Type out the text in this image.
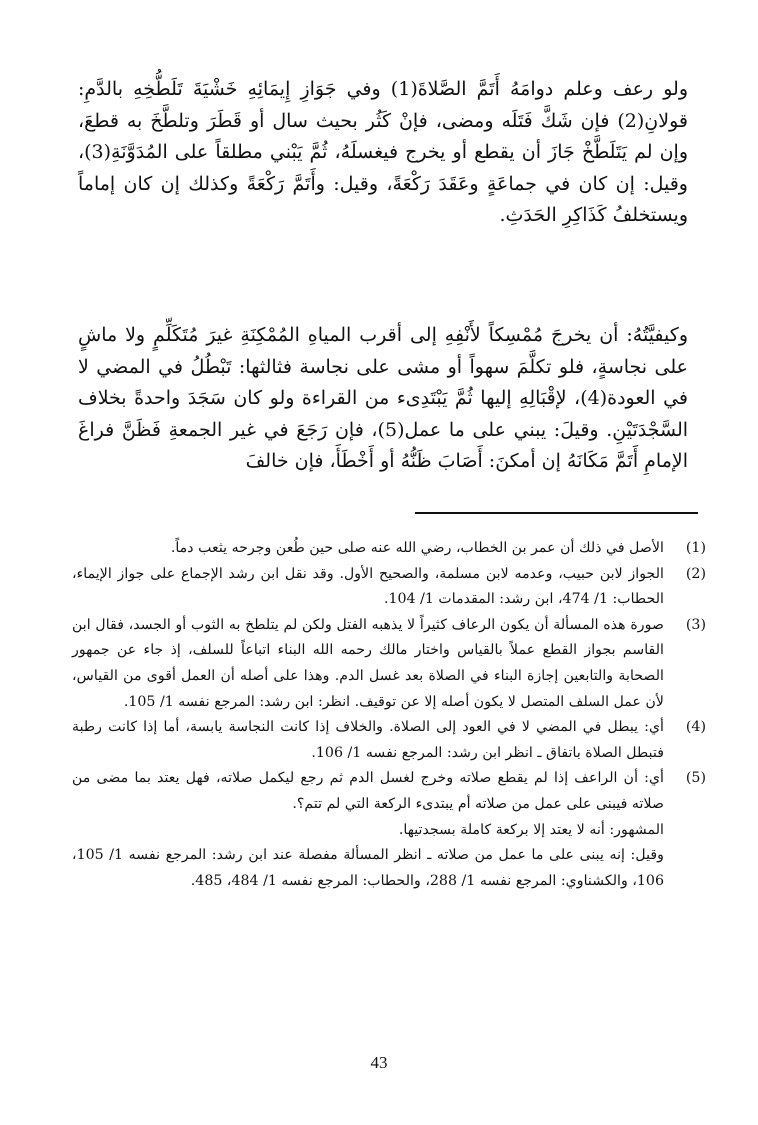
ولو رعف وعلم دوامَهُ أَتَمَّ الصَّلاةَ(1) وفي جَوَازِ إِيمَائِهِ خَشْيَةَ تَلَطُّخِهِ بالدَّمِ: قولانِ(2) فإن شَكَّ فَتَلَه ومضى، فإنْ كَثُر بحيث سال أو قَطَرَ وتلطَّخَ به قطعَ، وإن لم يَتَلَطَّخْ جَازَ أن يقطع أو يخرج فيغسلَهُ، ثُمَّ يَبْني مطلقاً على المُدَوَّنَةِ(3)، وقيل: إن كان في جماعَةٍ وعَقَدَ رَكْعَةً، وقيل: وأَتَمَّ رَكْعَةً وكذلك إن كان إماماً ويستخلفُ كَذَاكِرِ الحَدَثِ.

وكيفيَّتُهُ: أن يخرجَ مُمْسِكاً لأَنْفِهِ إلى أقرب المياهِ المُمْكِنَةِ غيرَ مُتَكَلِّمٍ ولا ماشٍ على نجاسةٍ، فلو تكلَّمَ سهواً أو مشى على نجاسة فثالثها: تَبْطُلُ في المضي لا في العودة(4)، لإقْبَالِهِ إليها ثُمَّ يَبْتَدِىء من القراءة ولو كان سَجَدَ واحدةً بخلاف السَّجْدَتَيْنِ. وقيلَ: يبني على ما عمل(5)، فإن رَجَعَ في غير الجمعةِ فَظَنَّ فراغَ الإمامِ أَتَمَّ مَكَانَهُ إن أمكنَ: أَصَابَ ظَنُّهُ أو أَخْطَأَ، فإن خالفَ

(1)

الأصل في ذلك أن عمر بن الخطاب، رضي الله عنه صلى حين طُعن وجرحه يثعب دماً.

(2)

الجواز لابن حبيب، وعدمه لابن مسلمة، والصحيح الأول. وقد نقل ابن رشد الإجماع على جواز الإيماء، الحطاب: 1/ 474، ابن رشد: المقدمات 1/ 104.

(3)

صورة هذه المسألة أن يكون الرعاف كثيراً لا يذهبه الفتل ولكن لم يتلطخ به الثوب أو الجسد، فقال ابن القاسم بجواز القطع عملاً بالقياس واختار مالك رحمه الله البناء اتباعاً للسلف، إذ جاء عن جمهور الصحابة والتابعين إجازة البناء في الصلاة بعد غسل الدم. وهذا على أصله أن العمل أقوى من القياس، لأن عمل السلف المتصل لا يكون أصله إلا عن توقيف. انظر: ابن رشد: المرجع نفسه 1/ 105.

(4)

أي: يبطل في المضي لا في العود إلى الصلاة. والخلاف إذا كانت النجاسة يابسة، أما إذا كانت رطبة فتبطل الصلاة باتفاق ـ انظر ابن رشد: المرجع نفسه 1/ 106.

(5)

أي: أن الراعف إذا لم يقطع صلاته وخرج لغسل الدم ثم رجع ليكمل صلاته، فهل يعتد بما مضى من صلاته فيبنى على عمل من صلاته أم يبتدىء الركعة التي لم تتم؟.

المشهور: أنه لا يعتد إلا بركعة كاملة بسجدتيها.

وقيل: إنه يبنى على ما عمل من صلاته ـ انظر المسألة مفصلة عند ابن رشد: المرجع نفسه 1/ 105، 106، والكشناوي: المرجع نفسه 1/ 288، والحطاب: المرجع نفسه 1/ 484، 485.

43
